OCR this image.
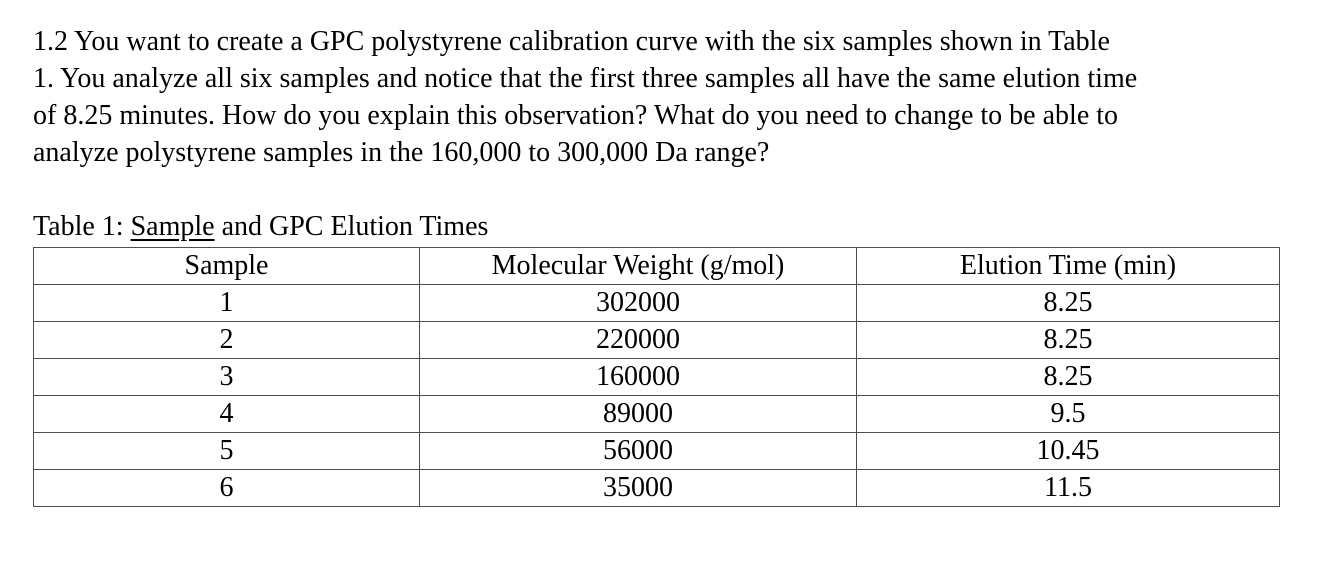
1.2 You want to create a GPC polystyrene calibration curve with the six samples shown in Table
1. You analyze all six samples and notice that the first three samples all have the same elution time
of 8.25 minutes. How do you explain this observation? What do you need to change to be able to
analyze polystyrene samples in the 160,000 to 300,000 Da range?
Table 1: Sample and GPC Elution Times
Sample	Molecular Weight (g/mol)	Elution Time (min)
1	302000	8.25
2	220000	8.25
3	160000	8.25
4	89000	9.5
5	56000	10.45
6	35000	11.5
